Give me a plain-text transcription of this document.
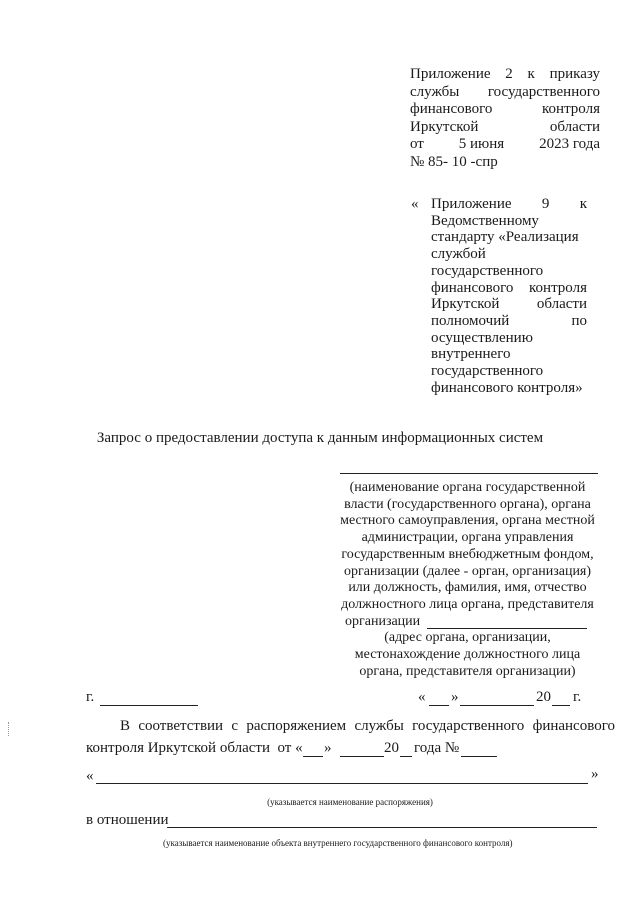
Приложение 2 к приказу
службы государственного
финансового	контроля
Иркутской	области
от 5 июня 2023 года
№ 85- 10 -спр
« Приложение 9 к
Ведомственному
стандарту «Реализация
службой
государственного
финансового контроля
Иркутской области
полномочий	по
осуществлению
внутреннего
государственного
финансового контроля»
Запрос о предоставлении доступа к данным информационных систем
(наименование органа государственной
власти (государственного органа), органа
местного самоуправления, органа местной
администрации, органа управления
государственным внебюджетным фондом,
организации (далее - орган, организация)
или должность, фамилия, имя, отчество
должностного лица органа, представителя
организации
(адрес органа, организации,
местонахождение должностного лица
органа, представителя организации)
г.	« »	20 г.
В соответствии с распоряжением службы государственного финансового
контроля Иркутской области  от « »	20 года №
«	»
(указывается наименование распоряжения)
в отношении
(указывается наименование объекта внутреннего государственного финансового контроля)
